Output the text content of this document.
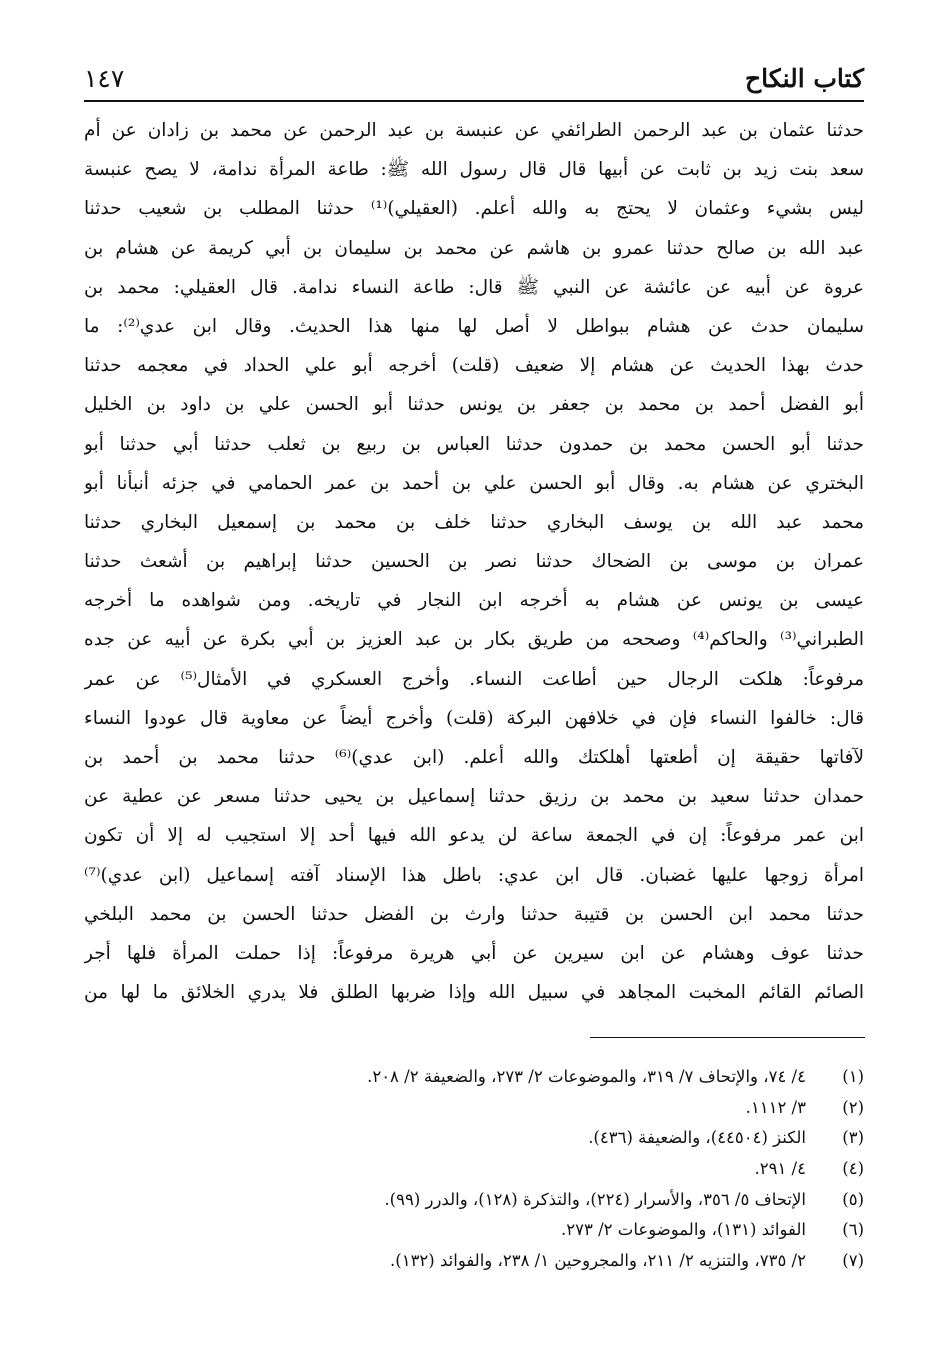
كتاب النكاح
١٤٧
حدثنا عثمان بن عبد الرحمن الطرائفي عن عنبسة بن عبد الرحمن عن محمد بن زادان عن أم
سعد بنت زيد بن ثابت عن أبيها قال قال رسول الله ﷺ: طاعة المرأة ندامة، لا يصح عنبسة
ليس بشيء وعثمان لا يحتج به والله أعلم. (العقيلي)⁽¹⁾ حدثنا المطلب بن شعيب حدثنا
عبد الله بن صالح حدثنا عمرو بن هاشم عن محمد بن سليمان بن أبي كريمة عن هشام بن
عروة عن أبيه عن عائشة عن النبي ﷺ قال: طاعة النساء ندامة. قال العقيلي: محمد بن
سليمان حدث عن هشام ببواطل لا أصل لها منها هذا الحديث. وقال ابن عدي⁽²⁾: ما
حدث بهذا الحديث عن هشام إلا ضعيف (قلت) أخرجه أبو علي الحداد في معجمه حدثنا
أبو الفضل أحمد بن محمد بن جعفر بن يونس حدثنا أبو الحسن علي بن داود بن الخليل
حدثنا أبو الحسن محمد بن حمدون حدثنا العباس بن ربيع بن ثعلب حدثنا أبي حدثنا أبو
البختري عن هشام به. وقال أبو الحسن علي بن أحمد بن عمر الحمامي في جزئه أنبأنا أبو
محمد عبد الله بن يوسف البخاري حدثنا خلف بن محمد بن إسمعيل البخاري حدثنا
عمران بن موسى بن الضحاك حدثنا نصر بن الحسين حدثنا إبراهيم بن أشعث حدثنا
عيسى بن يونس عن هشام به أخرجه ابن النجار في تاريخه. ومن شواهده ما أخرجه
الطبراني⁽³⁾ والحاكم⁽⁴⁾ وصححه من طريق بكار بن عبد العزيز بن أبي بكرة عن أبيه عن جده
مرفوعاً: هلكت الرجال حين أطاعت النساء. وأخرج العسكري في الأمثال⁽⁵⁾ عن عمر
قال: خالفوا النساء فإن في خلافهن البركة (قلت) وأخرج أيضاً عن معاوية قال عودوا النساء
لآفاتها حقيقة إن أطعتها أهلكتك والله أعلم. (ابن عدي)⁽⁶⁾ حدثنا محمد بن أحمد بن
حمدان حدثنا سعيد بن محمد بن رزيق حدثنا إسماعيل بن يحيى حدثنا مسعر عن عطية عن
ابن عمر مرفوعاً: إن في الجمعة ساعة لن يدعو الله فيها أحد إلا استجيب له إلا أن تكون
امرأة زوجها عليها غضبان. قال ابن عدي: باطل هذا الإسناد آفته إسماعيل (ابن عدي)⁽⁷⁾
حدثنا محمد ابن الحسن بن قتيبة حدثنا وارث بن الفضل حدثنا الحسن بن محمد البلخي
حدثنا عوف وهشام عن ابن سيرين عن أبي هريرة مرفوعاً: إذا حملت المرأة فلها أجر
الصائم القائم المخبت المجاهد في سبيل الله وإذا ضربها الطلق فلا يدري الخلائق ما لها من
(١)
٤/ ٧٤، والإتحاف ٧/ ٣١٩، والموضوعات ٢/ ٢٧٣، والضعيفة ٢/ ٢٠٨.
(٢)
٣/ ١١١٢.
(٣)
الكنز (٤٤٥٠٤)، والضعيفة (٤٣٦).
(٤)
٤/ ٢٩١.
(٥)
الإتحاف ٥/ ٣٥٦، والأسرار (٢٢٤)، والتذكرة (١٢٨)، والدرر (٩٩).
(٦)
الفوائد (١٣١)، والموضوعات ٢/ ٢٧٣.
(٧)
٢/ ٧٣٥، والتنزيه ٢/ ٢١١، والمجروحين ١/ ٢٣٨، والفوائد (١٣٢).
